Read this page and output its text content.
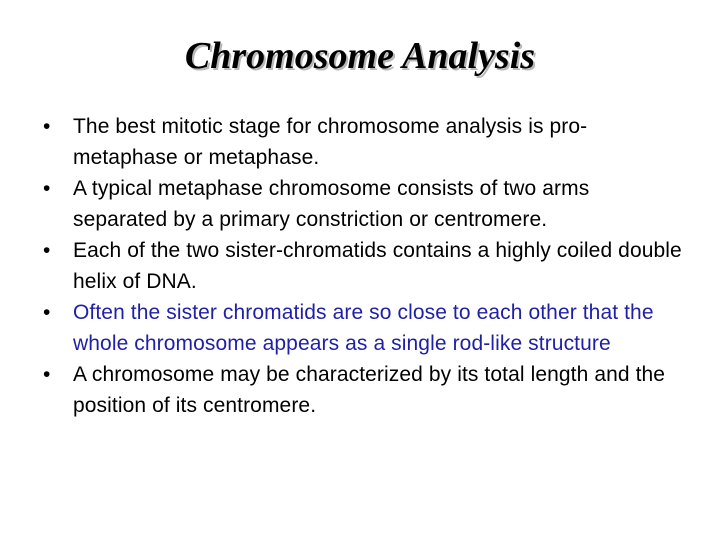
Chromosome Analysis
•	The best mitotic stage for chromosome analysis is pro-metaphase or metaphase.
•	A typical metaphase chromosome consists of two arms separated by a primary constriction or centromere.
•	Each of the two sister-chromatids contains a highly coiled double helix of DNA.
•	Often the sister chromatids are so close to each other that the whole chromosome appears as a single rod-like structure
•	A chromosome may be characterized by its total length and the position of its centromere.
